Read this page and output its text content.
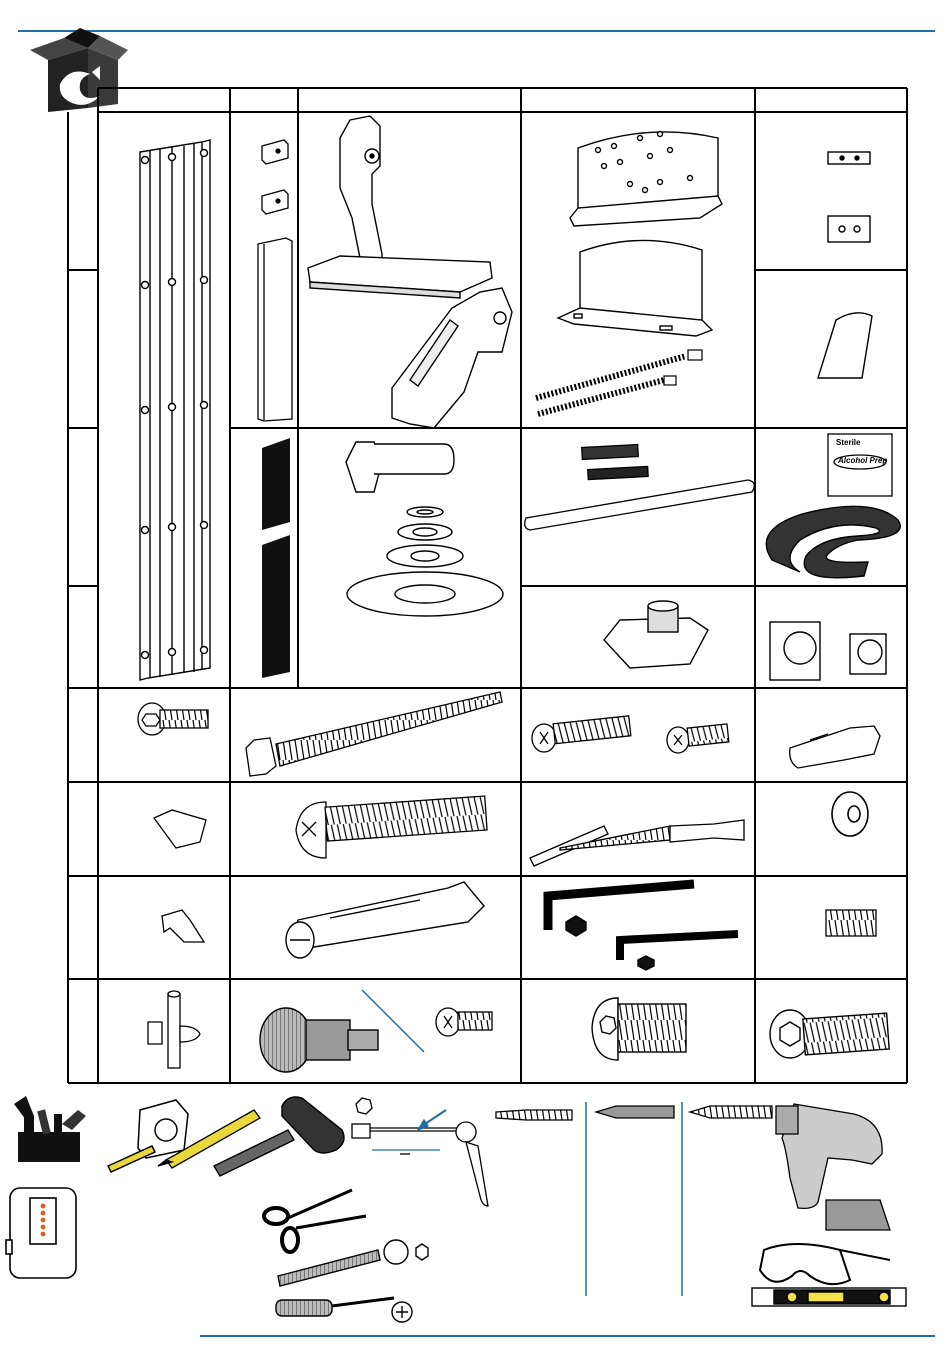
Sterile
Alcohol Prep
